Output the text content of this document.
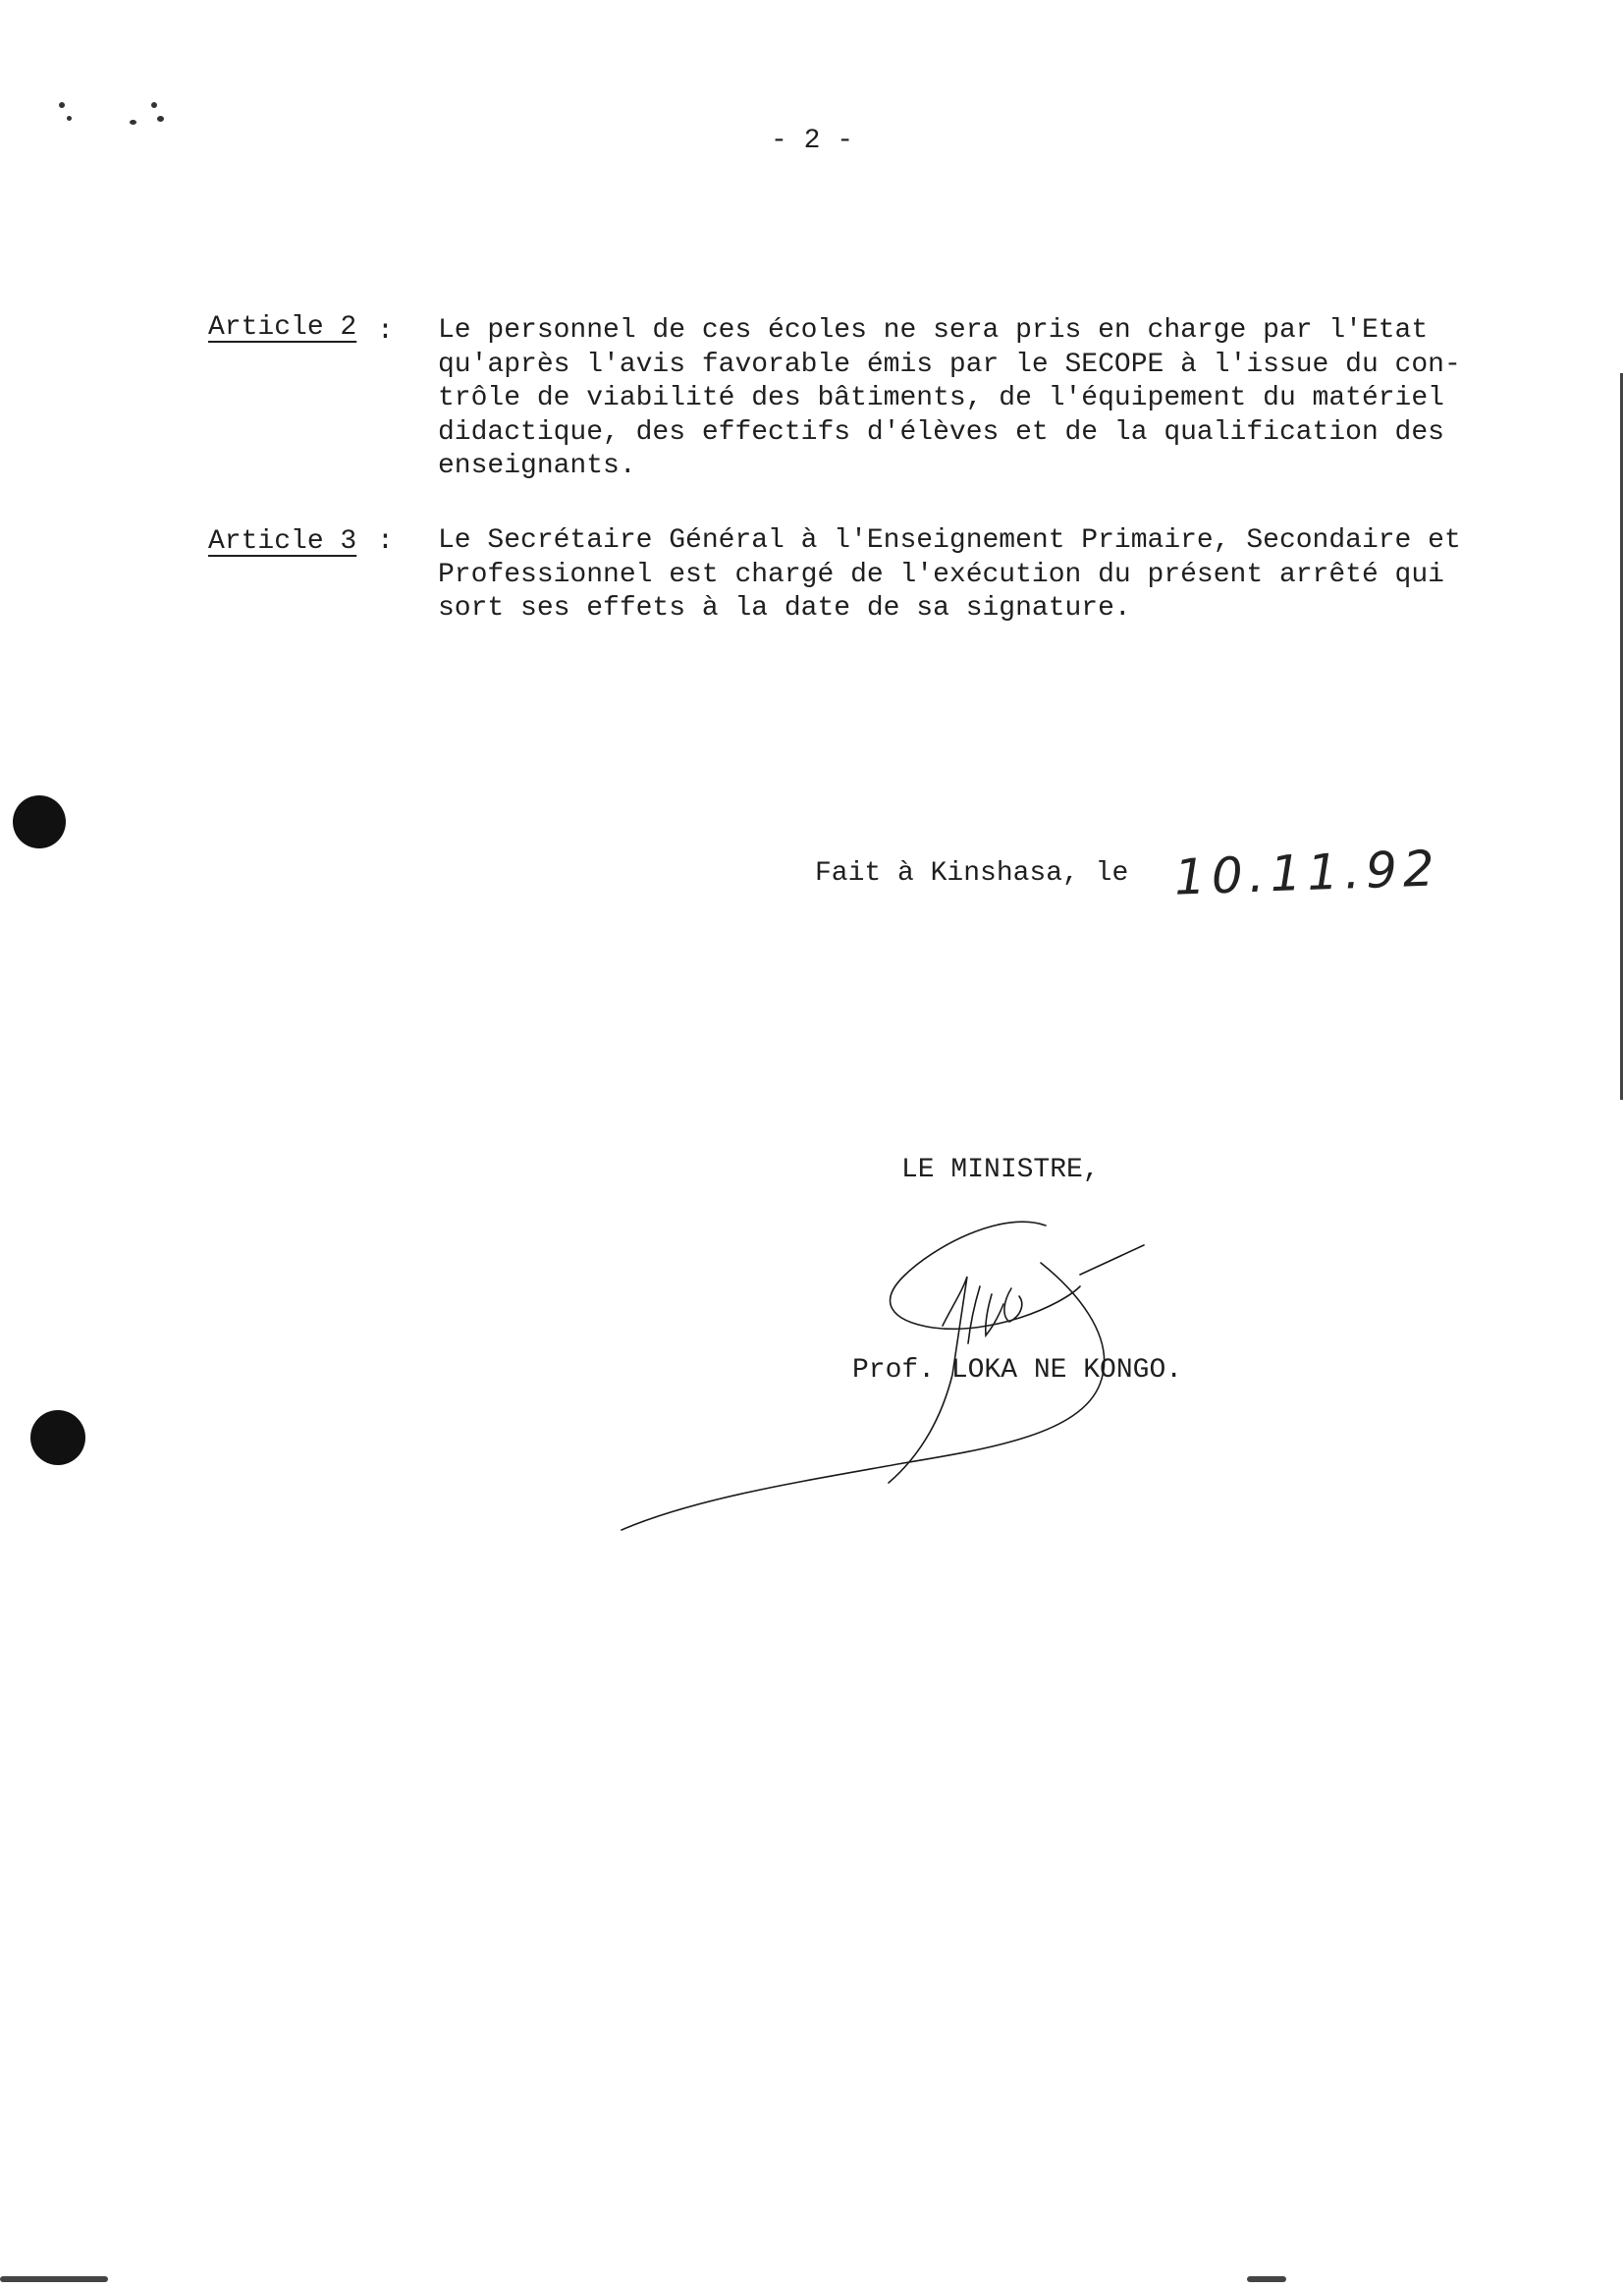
- 2 -
Article 2 : Le personnel de ces écoles ne sera pris en charge par l'Etat
qu'après l'avis favorable émis par le SECOPE à l'issue du con-
trôle de viabilité des bâtiments, de l'équipement du matériel
didactique, des effectifs d'élèves et de la qualification des
enseignants.
Article 3 : Le Secrétaire Général à l'Enseignement Primaire, Secondaire et
Professionnel est chargé de l'exécution du présent arrêté qui
sort ses effets à la date de sa signature.
Fait à Kinshasa, le 10.11.92
LE MINISTRE,
Prof. LOKA NE KONGO.
